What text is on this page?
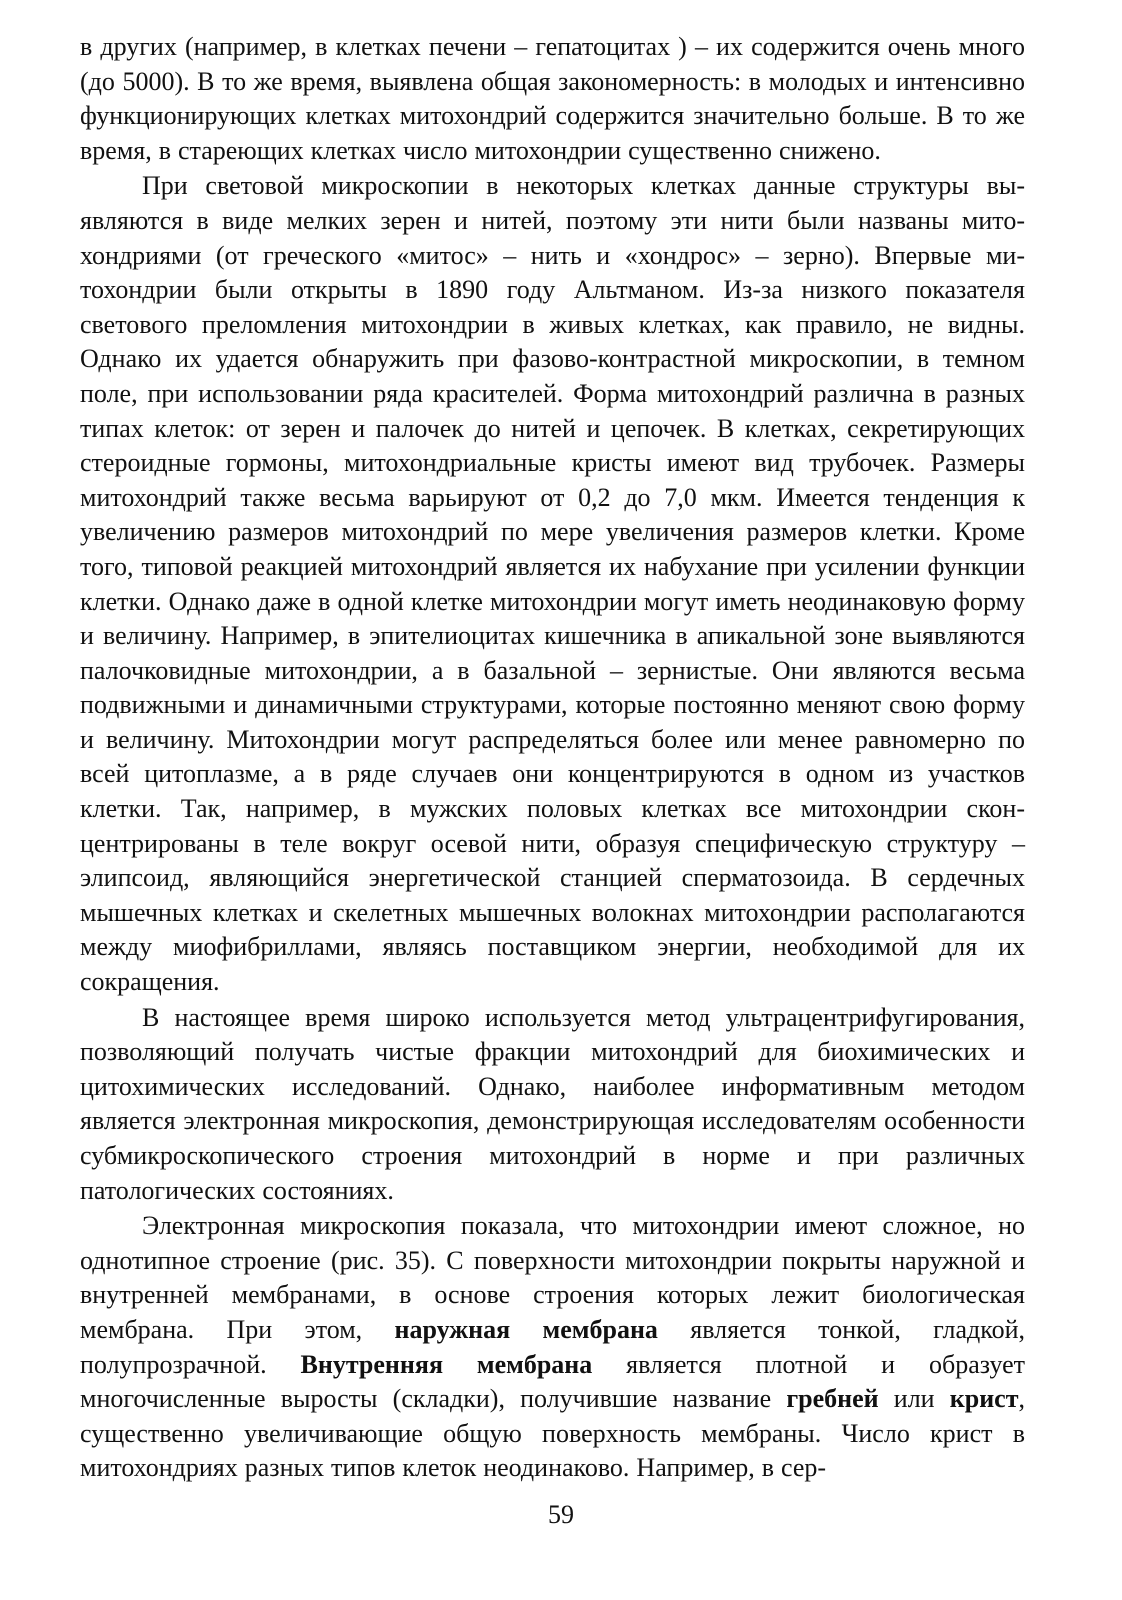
в других (например, в клетках печени – гепатоцитах ) – их содержится очень много (до 5000). В то же время, выявлена общая закономерность: в молодых и интенсивно функционирующих клетках митохондрий содержится значительно больше. В то же время, в стареющих клетках число митохондрии существенно снижено.

При световой микроскопии в некоторых клетках данные структуры выявляются в виде мелких зерен и нитей, поэтому эти нити были названы митохондриями (от греческого «митос» – нить и «хондрос» – зерно). Впервые митохондрии были открыты в 1890 году Альтманом. Из-за низкого показателя светового преломления митохондрии в живых клетках, как правило, не видны. Однако их удается обнаружить при фазово-контрастной микроскопии, в темном поле, при использовании ряда красителей. Форма митохондрий различна в разных типах клеток: от зерен и палочек до нитей и цепочек. В клетках, секретирующих стероидные гормоны, митохондриальные кристы имеют вид трубочек. Размеры митохондрий также весьма варьируют от 0,2 до 7,0 мкм. Имеется тенденция к увеличению размеров митохондрий по мере увеличения размеров клетки. Кроме того, типовой реакцией митохондрий является их набухание при усилении функции клетки. Однако даже в одной клетке митохондрии могут иметь неодинаковую форму и величину. Например, в эпителиоцитах кишечника в апикальной зоне выявляются палочковидные митохондрии, а в базальной – зернистые. Они являются весьма подвижными и динамичными структурами, которые постоянно меняют свою форму и величину. Митохондрии могут распределяться более или менее равномерно по всей цитоплазме, а в ряде случаев они концентрируются в одном из участков клетки. Так, например, в мужских половых клетках все митохондрии сконцентрированы в теле вокруг осевой нити, образуя специфическую структуру – элипсоид, являющийся энергетической станцией сперматозоида. В сердечных мышечных клетках и скелетных мышечных волокнах митохондрии располагаются между миофибриллами, являясь поставщиком энергии, необходимой для их сокращения.

В настоящее время широко используется метод ультрацентрифугирования, позволяющий получать чистые фракции митохондрий для биохимических и цитохимических исследований. Однако, наиболее информативным методом является электронная микроскопия, демонстрирующая исследователям особенности субмикроскопического строения митохондрий в норме и при различных патологических состояниях.

Электронная микроскопия показала, что митохондрии имеют сложное, но однотипное строение (рис. 35). С поверхности митохондрии покрыты наружной и внутренней мембранами, в основе строения которых лежит биологическая мембрана. При этом, наружная мембрана является тонкой, гладкой, полупрозрачной. Внутренняя мембрана является плотной и образует многочисленные выросты (складки), получившие название гребней или крист, существенно увеличивающие общую поверхность мембраны. Число крист в митохондриях разных типов клеток неодинаково. Например, в сер-

59
